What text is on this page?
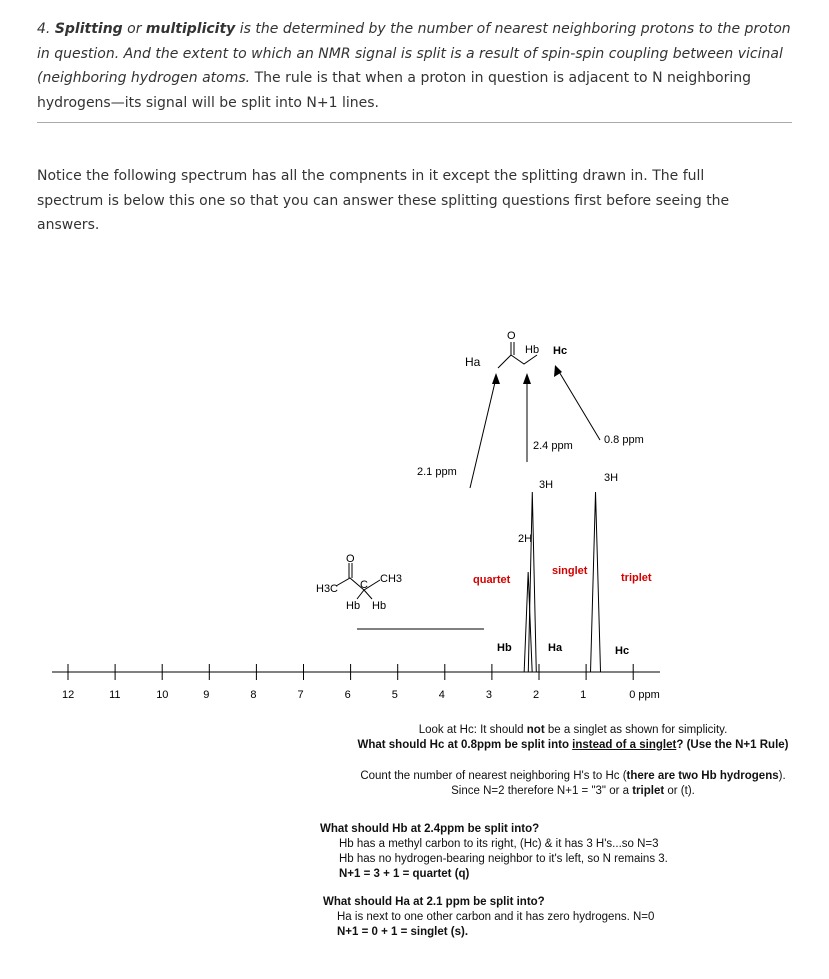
4. Splitting or multiplicity is the determined by the number of nearest neighboring protons to the proton in question. And the extent to which an NMR signal is split is a result of spin-spin coupling between vicinal (neighboring hydrogen atoms. The rule is that when a proton in question is adjacent to N neighboring hydrogens—its signal will be split into N+1 lines.

Notice the following spectrum has all the compnents in it except the splitting drawn in. The full spectrum is below this one so that you can answer these splitting questions first before seeing the answers.

12	11	10	9	8	7	6	5	4	3	2	1	0 ppm
O
Ha
Hb Hc
2.1 ppm
2.4 ppm	0.8 ppm
3H
3H
2H
quartet
singlet
triplet
Hb	Ha	Hc
O
H3C C CH3
Hb Hb
Look at Hc: It should not be a singlet as shown for simplicity.
What should Hc at 0.8ppm be split into instead of a singlet? (Use the N+1 Rule)
Count the number of nearest neighboring H's to Hc (there are two Hb hydrogens).
Since N=2 therefore N+1 = "3" or a triplet or (t).
What should Hb at 2.4ppm be split into?
Hb has a methyl carbon to its right, (Hc) & it has 3 H's...so N=3
Hb has no hydrogen-bearing neighbor to it's left, so N remains 3.
N+1 = 3 + 1 = quartet (q)
What should Ha at 2.1 ppm be split into?
Ha is next to one other carbon and it has zero hydrogens. N=0
N+1 = 0 + 1 = singlet (s).
